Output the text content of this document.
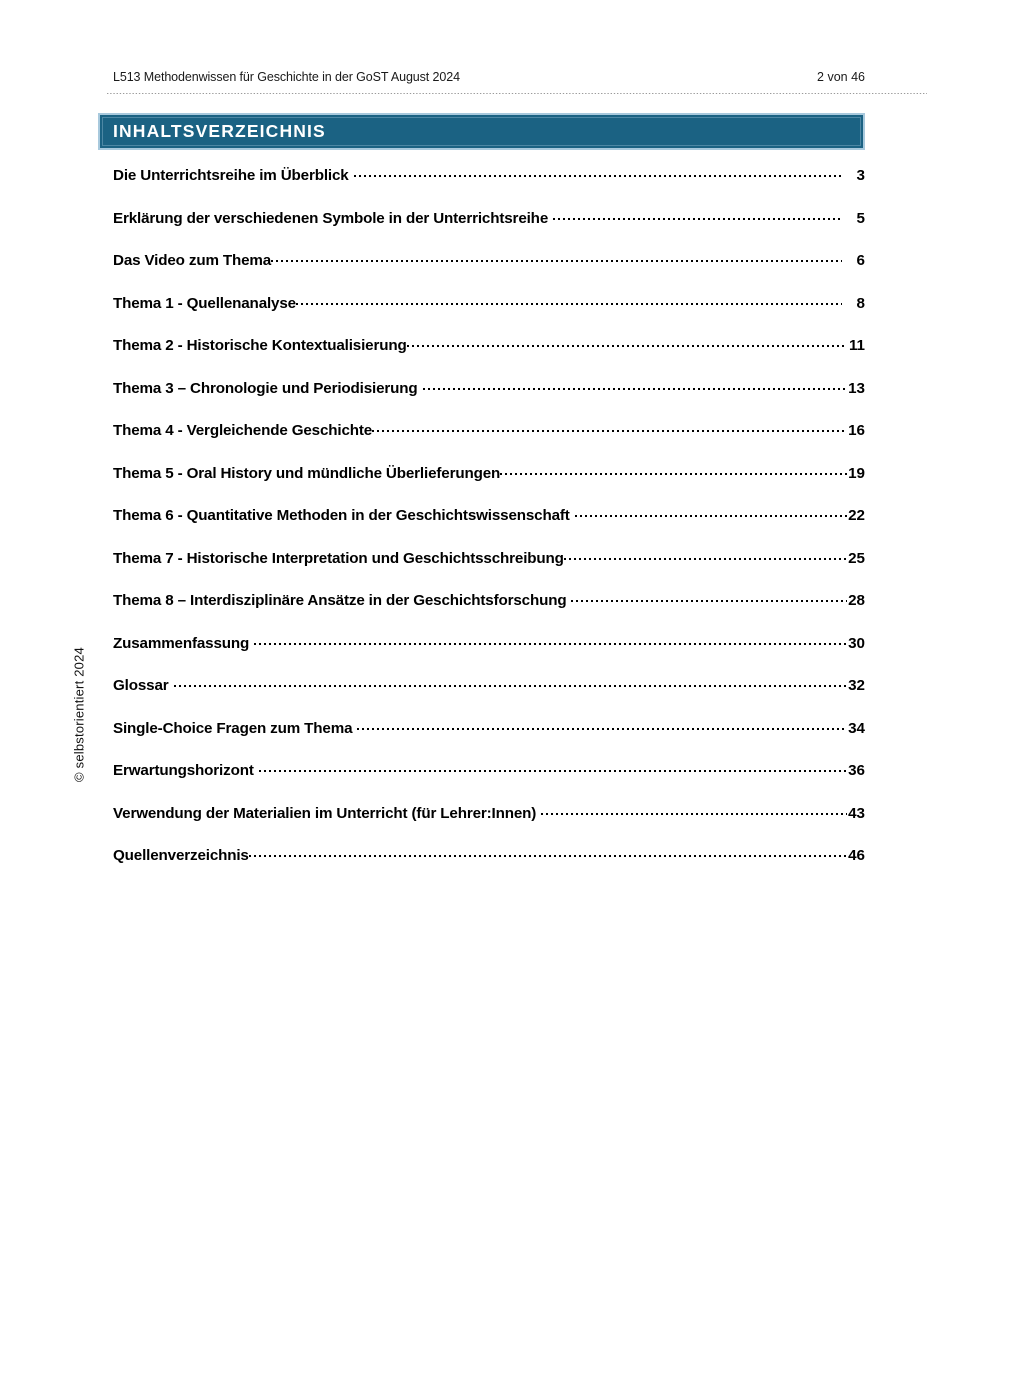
L513 Methodenwissen für Geschichte in der GoST August 2024	2 von 46
INHALTSVERZEICHNIS
© selbstorientiert 2024
Die Unterrichtsreihe im Überblick	3
Erklärung der verschiedenen Symbole in der Unterrichtsreihe	5
Das Video zum Thema	6
Thema 1 - Quellenanalyse	8
Thema 2 - Historische Kontextualisierung	11
Thema 3 – Chronologie und Periodisierung	13
Thema 4 - Vergleichende Geschichte	16
Thema 5 - Oral History und mündliche Überlieferungen	19
Thema 6 - Quantitative Methoden in der Geschichtswissenschaft	22
Thema 7 - Historische Interpretation und Geschichtsschreibung	25
Thema 8 – Interdisziplinäre Ansätze in der Geschichtsforschung	28
Zusammenfassung	30
Glossar	32
Single-Choice Fragen zum Thema	34
Erwartungshorizont	36
Verwendung der Materialien im Unterricht (für Lehrer:Innen)	43
Quellenverzeichnis	46
